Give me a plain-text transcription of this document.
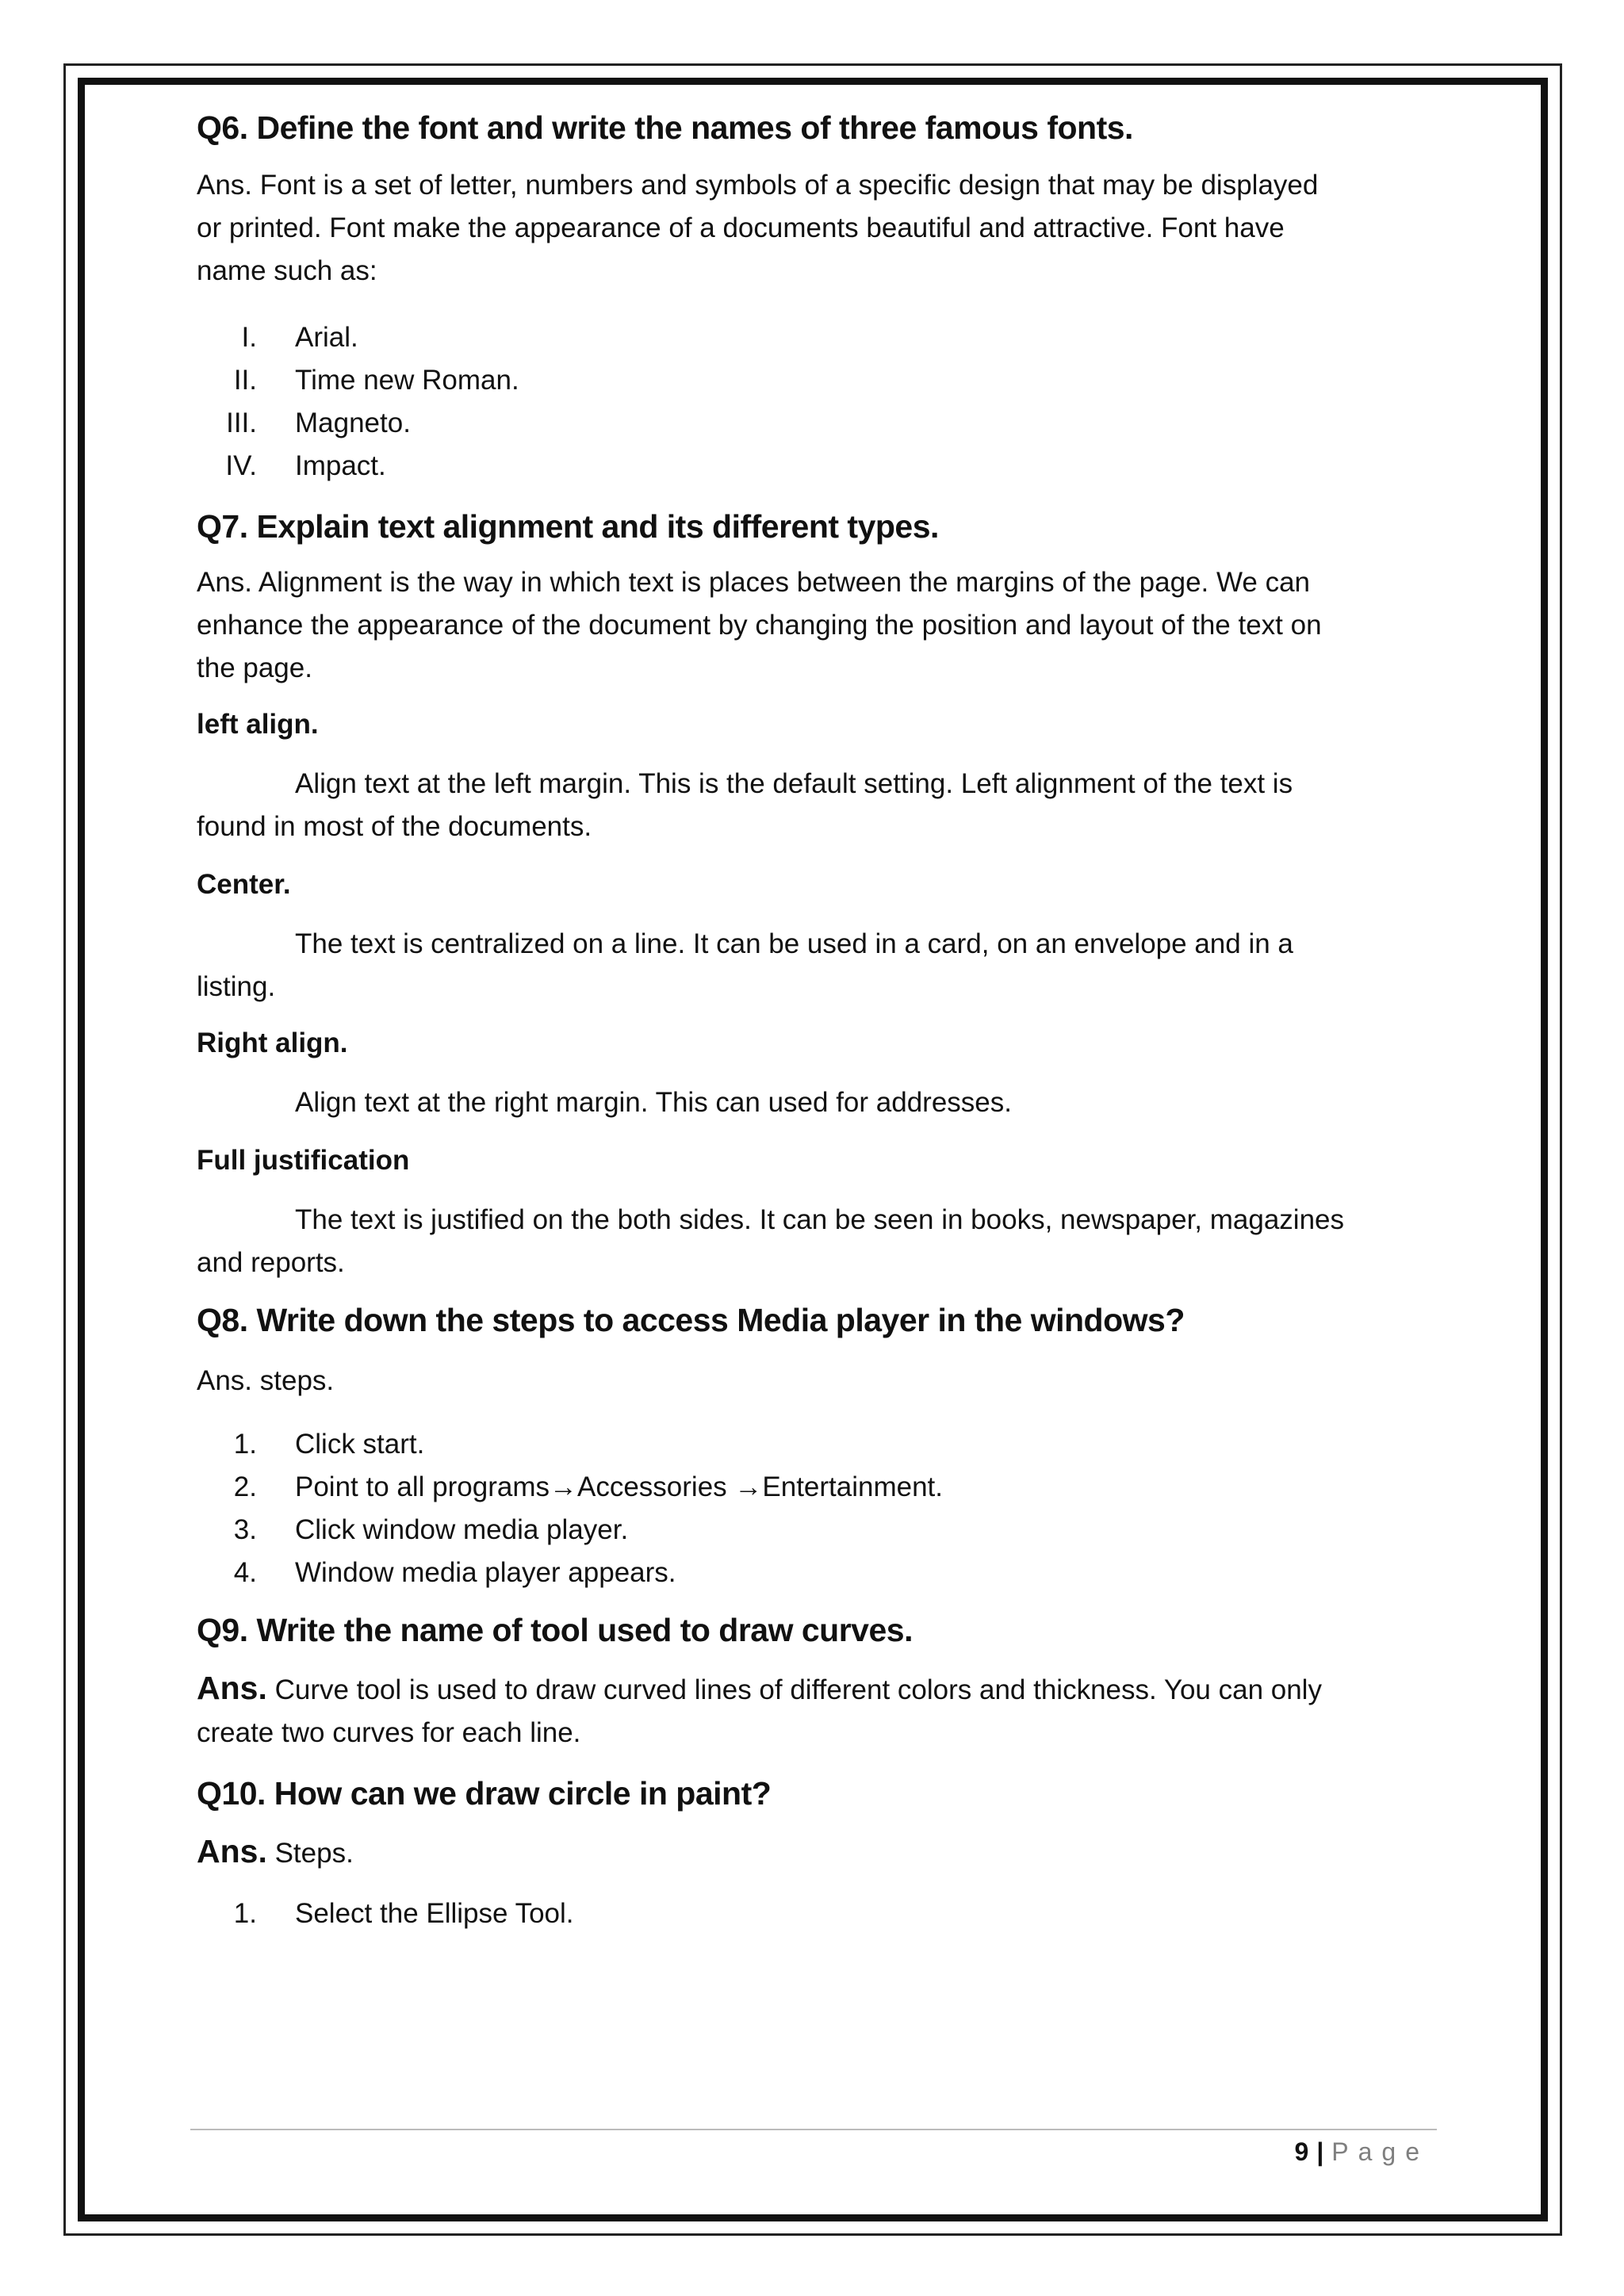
Q6. Define the font and write the names of three famous fonts.
Ans. Font is a set of letter, numbers and symbols of a specific design that may be displayed
or printed. Font make the appearance of a documents beautiful and attractive. Font have
name such as:
I.	Arial.
II.	Time new Roman.
III.	Magneto.
IV.	Impact.
Q7. Explain text alignment and its different types.
Ans. Alignment is the way in which text is places between the margins of the page. We can
enhance the appearance of the document by changing the position and layout of the text on
the page.
left align.
Align text at the left margin. This is the default setting. Left alignment of the text is
found in most of the documents.
Center.
The text is centralized on a line. It can be used in a card, on an envelope and in a
listing.
Right align.
Align text at the right margin. This can used for addresses.
Full justification
The text is justified on the both sides. It can be seen in books, newspaper, magazines
and reports.
Q8. Write down the steps to access Media player in the windows?
Ans. steps.
1.	Click start.
2.	Point to all programs→Accessories →Entertainment.
3.	Click window media player.
4.	Window media player appears.
Q9. Write the name of tool used to draw curves.
Ans. Curve tool is used to draw curved lines of different colors and thickness. You can only
create two curves for each line.
Q10. How can we draw circle in paint?
Ans. Steps.
1.	Select the Ellipse Tool.
9 | Page
